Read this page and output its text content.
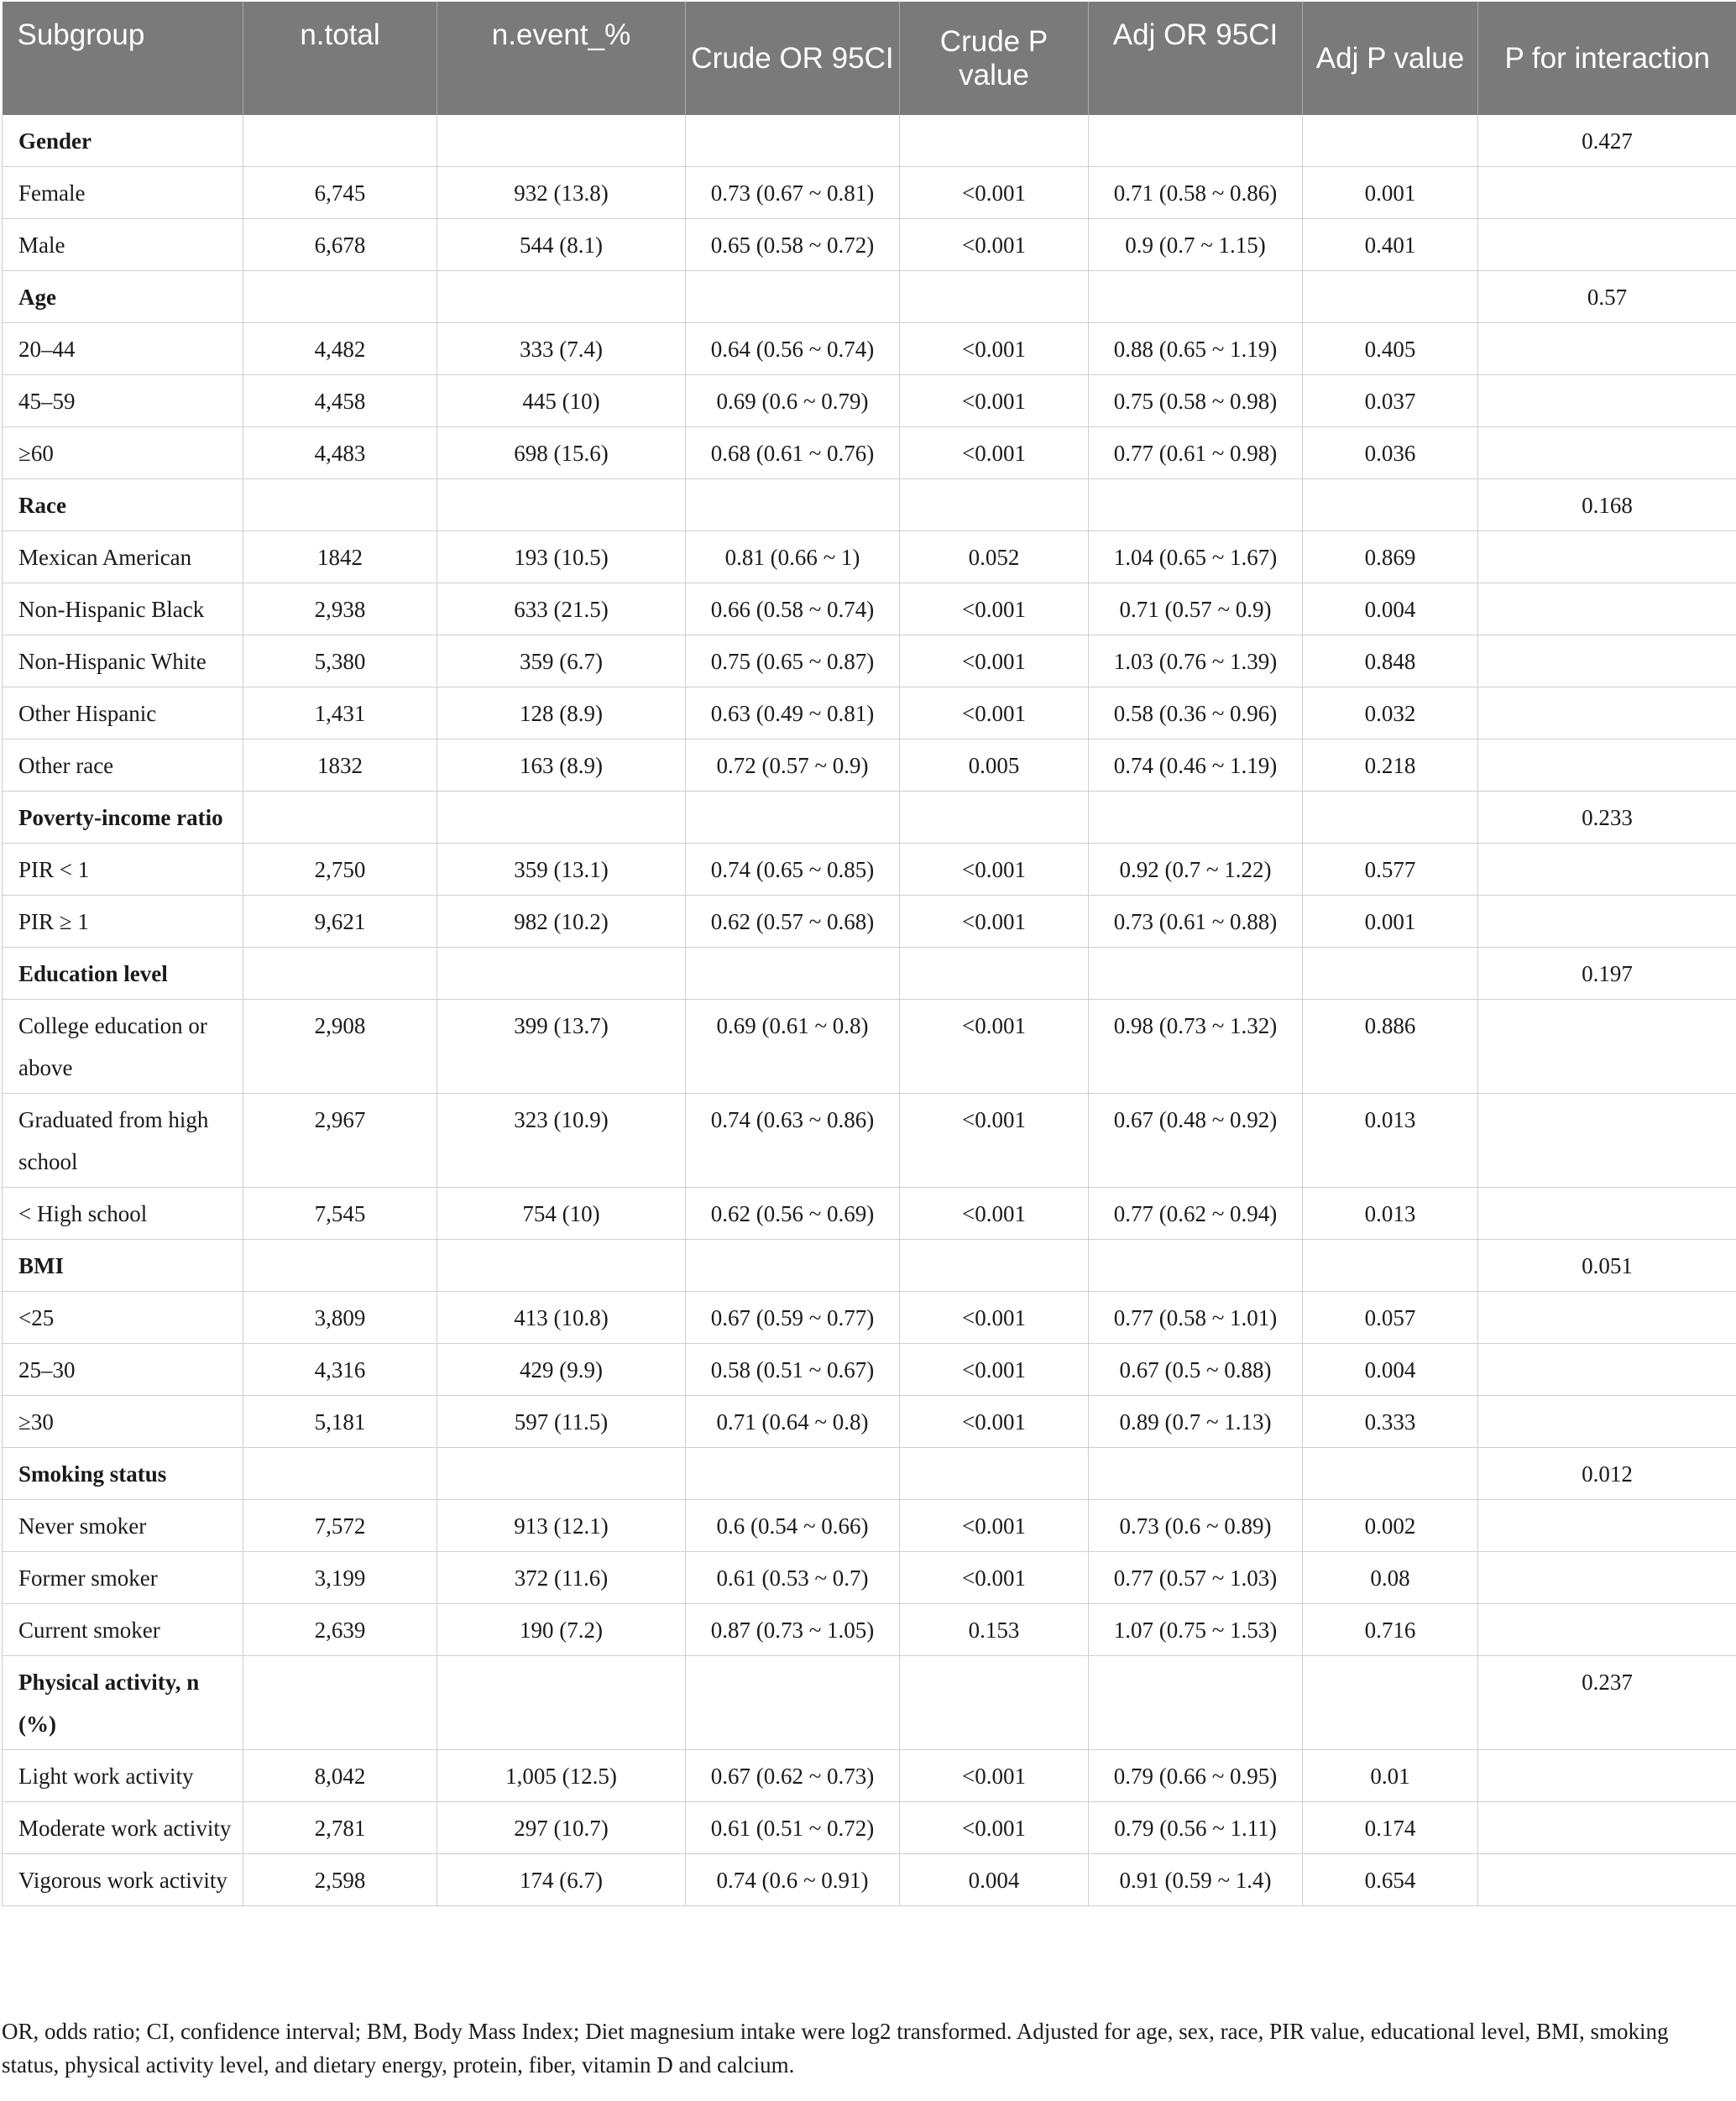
Subgroup	n.total	n.event_%	Crude OR 95CI	Crude P value	Adj OR 95CI	Adj P value	P for interaction
Gender							0.427
Female	6,745	932 (13.8)	0.73 (0.67 ~ 0.81)	<0.001	0.71 (0.58 ~ 0.86)	0.001	
Male	6,678	544 (8.1)	0.65 (0.58 ~ 0.72)	<0.001	0.9 (0.7 ~ 1.15)	0.401	
Age							0.57
20–44	4,482	333 (7.4)	0.64 (0.56 ~ 0.74)	<0.001	0.88 (0.65 ~ 1.19)	0.405	
45–59	4,458	445 (10)	0.69 (0.6 ~ 0.79)	<0.001	0.75 (0.58 ~ 0.98)	0.037	
≥60	4,483	698 (15.6)	0.68 (0.61 ~ 0.76)	<0.001	0.77 (0.61 ~ 0.98)	0.036	
Race							0.168
Mexican American	1842	193 (10.5)	0.81 (0.66 ~ 1)	0.052	1.04 (0.65 ~ 1.67)	0.869	
Non-Hispanic Black	2,938	633 (21.5)	0.66 (0.58 ~ 0.74)	<0.001	0.71 (0.57 ~ 0.9)	0.004	
Non-Hispanic White	5,380	359 (6.7)	0.75 (0.65 ~ 0.87)	<0.001	1.03 (0.76 ~ 1.39)	0.848	
Other Hispanic	1,431	128 (8.9)	0.63 (0.49 ~ 0.81)	<0.001	0.58 (0.36 ~ 0.96)	0.032	
Other race	1832	163 (8.9)	0.72 (0.57 ~ 0.9)	0.005	0.74 (0.46 ~ 1.19)	0.218	
Poverty-income ratio							0.233
PIR < 1	2,750	359 (13.1)	0.74 (0.65 ~ 0.85)	<0.001	0.92 (0.7 ~ 1.22)	0.577	
PIR ≥ 1	9,621	982 (10.2)	0.62 (0.57 ~ 0.68)	<0.001	0.73 (0.61 ~ 0.88)	0.001	
Education level							0.197
College education or above	2,908	399 (13.7)	0.69 (0.61 ~ 0.8)	<0.001	0.98 (0.73 ~ 1.32)	0.886	
Graduated from high school	2,967	323 (10.9)	0.74 (0.63 ~ 0.86)	<0.001	0.67 (0.48 ~ 0.92)	0.013	
< High school	7,545	754 (10)	0.62 (0.56 ~ 0.69)	<0.001	0.77 (0.62 ~ 0.94)	0.013	
BMI							0.051
<25	3,809	413 (10.8)	0.67 (0.59 ~ 0.77)	<0.001	0.77 (0.58 ~ 1.01)	0.057	
25–30	4,316	429 (9.9)	0.58 (0.51 ~ 0.67)	<0.001	0.67 (0.5 ~ 0.88)	0.004	
≥30	5,181	597 (11.5)	0.71 (0.64 ~ 0.8)	<0.001	0.89 (0.7 ~ 1.13)	0.333	
Smoking status							0.012
Never smoker	7,572	913 (12.1)	0.6 (0.54 ~ 0.66)	<0.001	0.73 (0.6 ~ 0.89)	0.002	
Former smoker	3,199	372 (11.6)	0.61 (0.53 ~ 0.7)	<0.001	0.77 (0.57 ~ 1.03)	0.08	
Current smoker	2,639	190 (7.2)	0.87 (0.73 ~ 1.05)	0.153	1.07 (0.75 ~ 1.53)	0.716	
Physical activity, n (%)							0.237
Light work activity	8,042	1,005 (12.5)	0.67 (0.62 ~ 0.73)	<0.001	0.79 (0.66 ~ 0.95)	0.01	
Moderate work activity	2,781	297 (10.7)	0.61 (0.51 ~ 0.72)	<0.001	0.79 (0.56 ~ 1.11)	0.174	
Vigorous work activity	2,598	174 (6.7)	0.74 (0.6 ~ 0.91)	0.004	0.91 (0.59 ~ 1.4)	0.654	
OR, odds ratio; CI, confidence interval; BM, Body Mass Index; Diet magnesium intake were log2 transformed. Adjusted for age, sex, race, PIR value, educational level, BMI, smoking status, physical activity level, and dietary energy, protein, fiber, vitamin D and calcium.
